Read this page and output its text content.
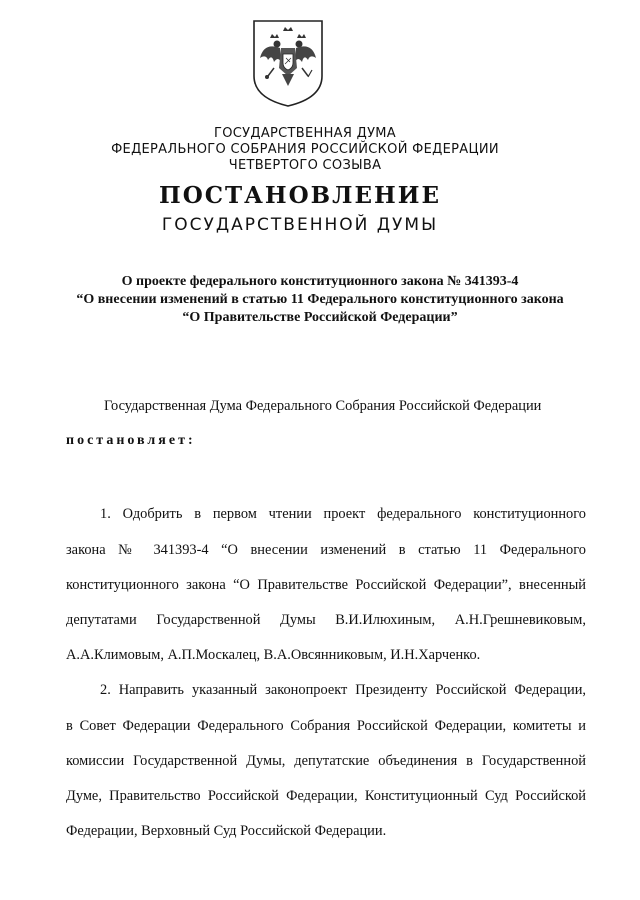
ГОСУДАРСТВЕННАЯ ДУМА
ФЕДЕРАЛЬНОГО СОБРАНИЯ РОССИЙСКОЙ ФЕДЕРАЦИИ
ЧЕТВЕРТОГО СОЗЫВА
ПОСТАНОВЛЕНИЕ
ГОСУДАРСТВЕННОЙ ДУМЫ
О проекте федерального конституционного закона № 341393-4
“О внесении изменений в статью 11 Федерального конституционного закона
“О Правительстве Российской Федерации”
Государственная Дума Федерального Собрания Российской Федерации
постановляет:
1. Одобрить в первом чтении проект федерального конституционного
закона № 341393-4 “О внесении изменений в статью 11 Федерального
конституционного закона “О Правительстве Российской Федерации”, внесенный
депутатами Государственной Думы В.И.Илюхиным, А.Н.Грешневиковым,
А.А.Климовым, А.П.Москалец, В.А.Овсянниковым, И.Н.Харченко.
2. Направить указанный законопроект Президенту Российской Федерации,
в Совет Федерации Федерального Собрания Российской Федерации, комитеты и
комиссии Государственной Думы, депутатские объединения в Государственной
Думе, Правительство Российской Федерации, Конституционный Суд Российской
Федерации, Верховный Суд Российской Федерации.
